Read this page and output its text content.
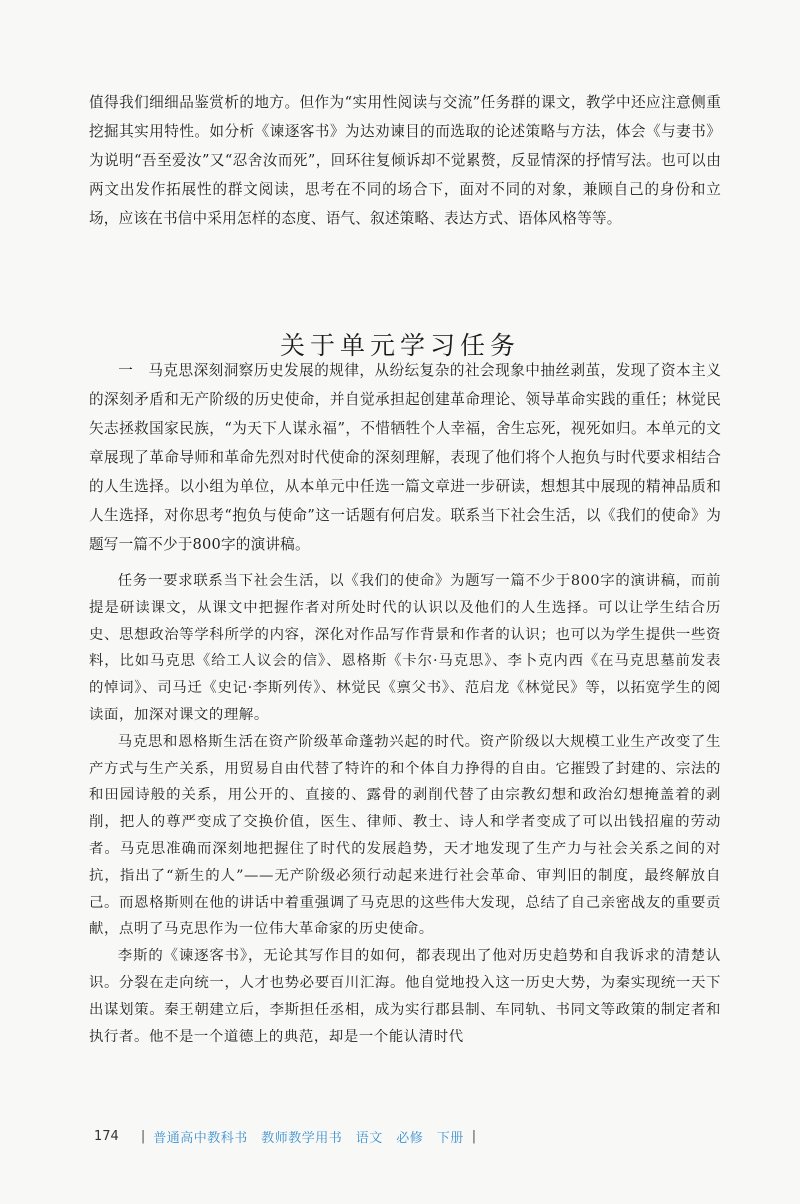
值得我们细细品鉴赏析的地方。但作为“实用性阅读与交流”任务群的课文，教学中还应注意侧重挖掘其实用特性。如分析《谏逐客书》为达劝谏目的而选取的论述策略与方法，体会《与妻书》为说明“吾至爱汝”又“忍舍汝而死”，回环往复倾诉却不觉累赘，反显情深的抒情写法。也可以由两文出发作拓展性的群文阅读，思考在不同的场合下，面对不同的对象，兼顾自己的身份和立场，应该在书信中采用怎样的态度、语气、叙述策略、表达方式、语体风格等等。

关于单元学习任务

一　马克思深刻洞察历史发展的规律，从纷纭复杂的社会现象中抽丝剥茧，发现了资本主义的深刻矛盾和无产阶级的历史使命，并自觉承担起创建革命理论、领导革命实践的重任；林觉民矢志拯救国家民族，“为天下人谋永福”，不惜牺牲个人幸福，舍生忘死，视死如归。本单元的文章展现了革命导师和革命先烈对时代使命的深刻理解，表现了他们将个人抱负与时代要求相结合的人生选择。以小组为单位，从本单元中任选一篇文章进一步研读，想想其中展现的精神品质和人生选择，对你思考“抱负与使命”这一话题有何启发。联系当下社会生活，以《我们的使命》为题写一篇不少于800字的演讲稿。

任务一要求联系当下社会生活，以《我们的使命》为题写一篇不少于800字的演讲稿，而前提是研读课文，从课文中把握作者对所处时代的认识以及他们的人生选择。可以让学生结合历史、思想政治等学科所学的内容，深化对作品写作背景和作者的认识；也可以为学生提供一些资料，比如马克思《给工人议会的信》、恩格斯《卡尔·马克思》、李卜克内西《在马克思墓前发表的悼词》、司马迁《史记·李斯列传》、林觉民《禀父书》、范启龙《林觉民》等，以拓宽学生的阅读面，加深对课文的理解。

马克思和恩格斯生活在资产阶级革命蓬勃兴起的时代。资产阶级以大规模工业生产改变了生产方式与生产关系，用贸易自由代替了特许的和个体自力挣得的自由。它摧毁了封建的、宗法的和田园诗般的关系，用公开的、直接的、露骨的剥削代替了由宗教幻想和政治幻想掩盖着的剥削，把人的尊严变成了交换价值，医生、律师、教士、诗人和学者变成了可以出钱招雇的劳动者。马克思准确而深刻地把握住了时代的发展趋势，天才地发现了生产力与社会关系之间的对抗，指出了“新生的人”——无产阶级必须行动起来进行社会革命、审判旧的制度，最终解放自己。而恩格斯则在他的讲话中着重强调了马克思的这些伟大发现，总结了自己亲密战友的重要贡献，点明了马克思作为一位伟大革命家的历史使命。

李斯的《谏逐客书》，无论其写作目的如何，都表现出了他对历史趋势和自我诉求的清楚认识。分裂在走向统一，人才也势必要百川汇海。他自觉地投入这一历史大势，为秦实现统一天下出谋划策。秦王朝建立后，李斯担任丞相，成为实行郡县制、车同轨、书同文等政策的制定者和执行者。他不是一个道德上的典范，却是一个能认清时代

174 | 普通高中教科书　教师教学用书　语文　必修　下册 |
